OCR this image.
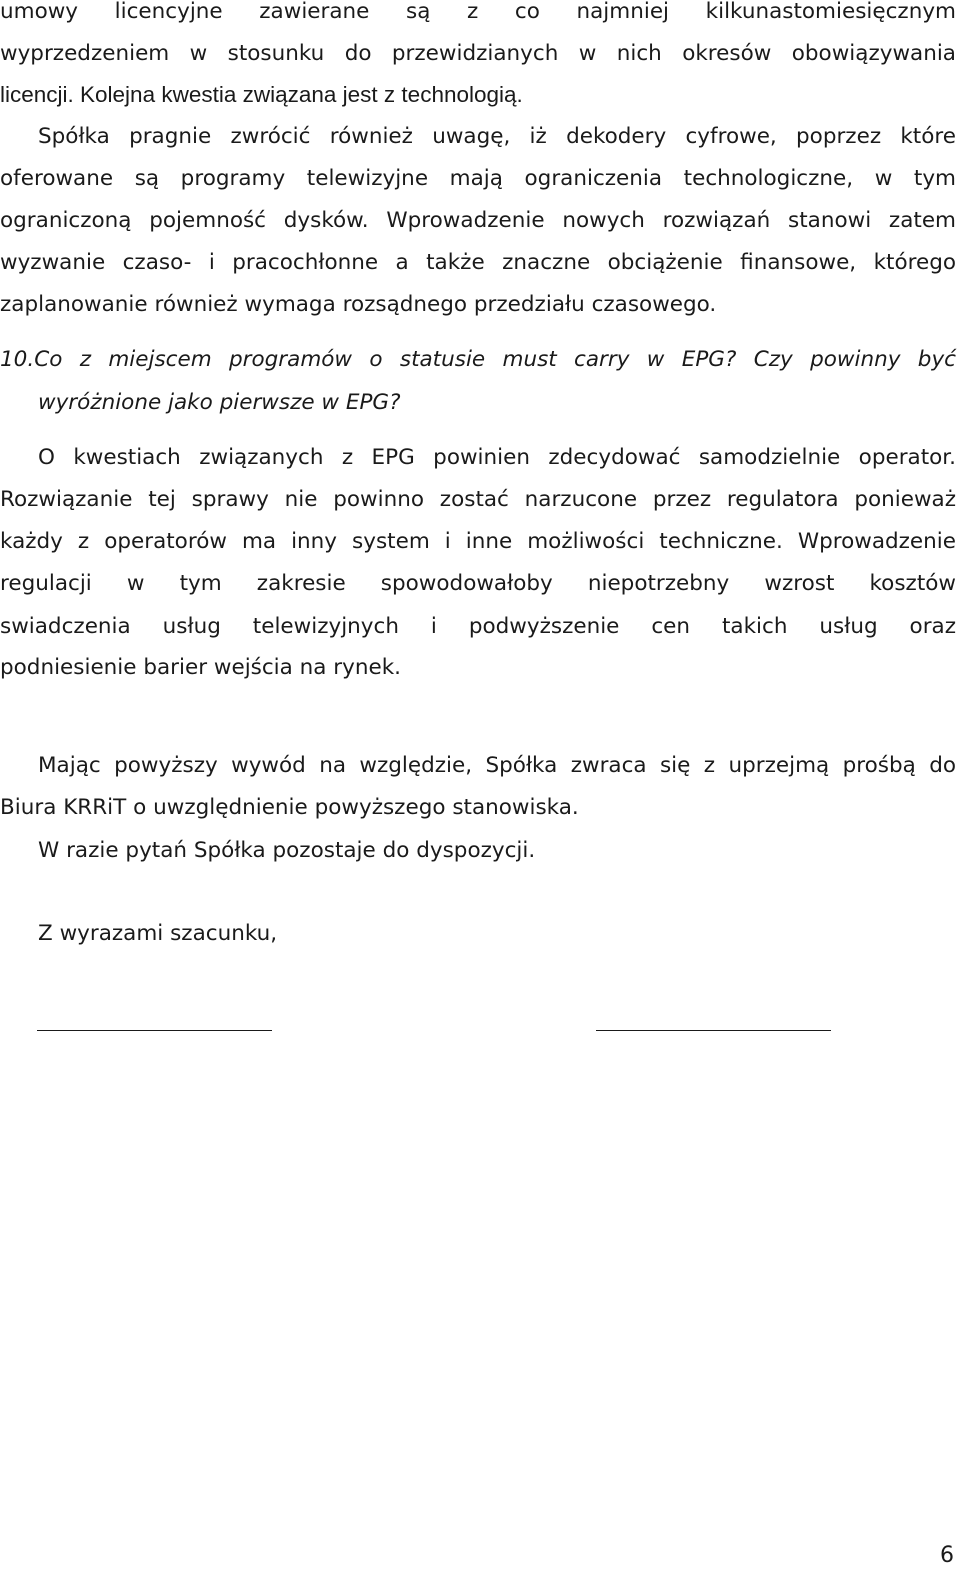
umowy licencyjne zawierane są z co najmniej kilkunastomiesięcznym
wyprzedzeniem w stosunku do przewidzianych w nich okresów obowiązywania
licencji. Kolejna kwestia związana jest z technologią.
Spółka pragnie zwrócić również uwagę, iż dekodery cyfrowe, poprzez które
oferowane są programy telewizyjne mają ograniczenia technologiczne, w tym
ograniczoną pojemność dysków. Wprowadzenie nowych rozwiązań stanowi zatem
wyzwanie czaso- i pracochłonne a także znaczne obciążenie finansowe, którego
zaplanowanie również wymaga rozsądnego przedziału czasowego.
10.Co z miejscem programów o statusie must carry w EPG? Czy powinny być
wyróżnione jako pierwsze w EPG?
O kwestiach związanych z EPG powinien zdecydować samodzielnie operator.
Rozwiązanie tej sprawy nie powinno zostać narzucone przez regulatora ponieważ
każdy z operatorów ma inny system i inne możliwości techniczne. Wprowadzenie
regulacji w tym zakresie spowodowałoby niepotrzebny wzrost kosztów
swiadczenia usług telewizyjnych i podwyższenie cen takich usług oraz
podniesienie barier wejścia na rynek.
Mając powyższy wywód na względzie, Spółka zwraca się z uprzejmą prośbą do
Biura KRRiT o uwzględnienie powyższego stanowiska.
W razie pytań Spółka pozostaje do dyspozycji.
Z wyrazami szacunku,
6
